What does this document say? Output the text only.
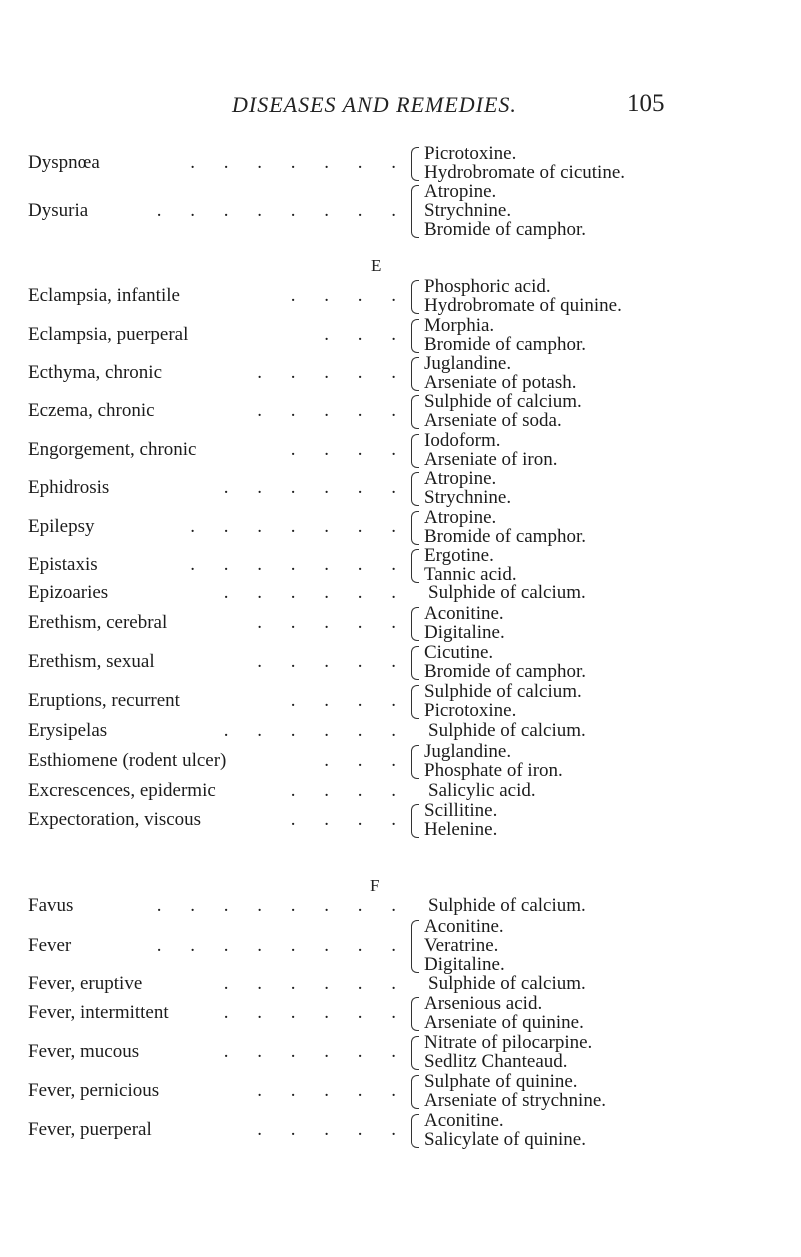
DISEASES AND REMEDIES.	105
Dyspnœa	. . . . . . . Picrotoxine.
Hydrobromate of cicutine.
Dysuria	. . . . . . . .
Atropine.
Strychnine.
Bromide of camphor.
E
Eclampsia, infantile	. . . . Phosphoric acid.
Hydrobromate of quinine.
Eclampsia, puerperal	. . . Morphia.
Bromide of camphor.
Ecthyma, chronic	. . . . . Juglandine.
Arseniate of potash.
Eczema, chronic	. . . . . Sulphide of calcium.
Arseniate of soda.
Engorgement, chronic	. . . . Iodoform.
Arseniate of iron.
Ephidrosis	. . . . . . Atropine.
Strychnine.
Epilepsy	. . . . . . . Atropine.
Bromide of camphor.
Epistaxis	. . . . . . . Ergotine.
Tannic acid.
Epizoaries	. . . . . . Sulphide of calcium.
Erethism, cerebral	. . . . . Aconitine.
Digitaline.
Erethism, sexual	. . . . . Cicutine.
Bromide of camphor.
Eruptions, recurrent	. . . . Sulphide of calcium.
Picrotoxine.
Erysipelas	. . . . . . Sulphide of calcium.
Esthiomene (rodent ulcer)	. . . Juglandine.
Phosphate of iron.
Excrescences, epidermic	. . . . Salicylic acid.
Expectoration, viscous	. . . . Scillitine.
Helenine.
F
Favus	. . . . . . . . Sulphide of calcium.
Fever	. . . . . . . .
Aconitine.
Veratrine.
Digitaline.
Fever, eruptive	. . . . . . Sulphide of calcium.
Fever, intermittent	. . . . . . Arsenious acid.
Arseniate of quinine.
Fever, mucous	. . . . . . Nitrate of pilocarpine.
Sedlitz Chanteaud.
Fever, pernicious	. . . . . Sulphate of quinine.
Arseniate of strychnine.
Fever, puerperal	. . . . . Aconitine.
Salicylate of quinine.
